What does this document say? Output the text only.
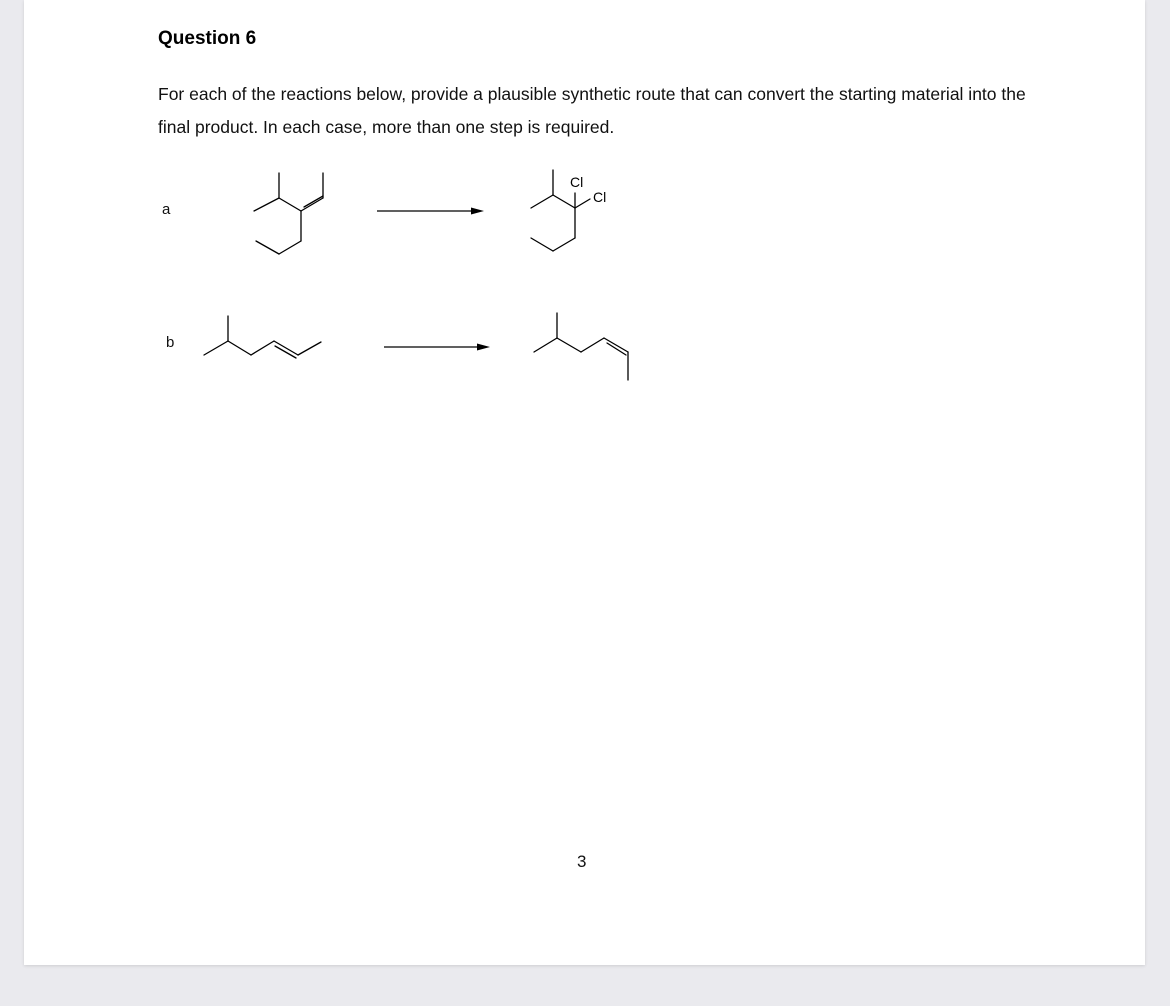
Question 6

For each of the reactions below, provide a plausible synthetic route that can convert the starting material into the final product. In each case, more than one step is required.

a
b
Cl
Cl
3
